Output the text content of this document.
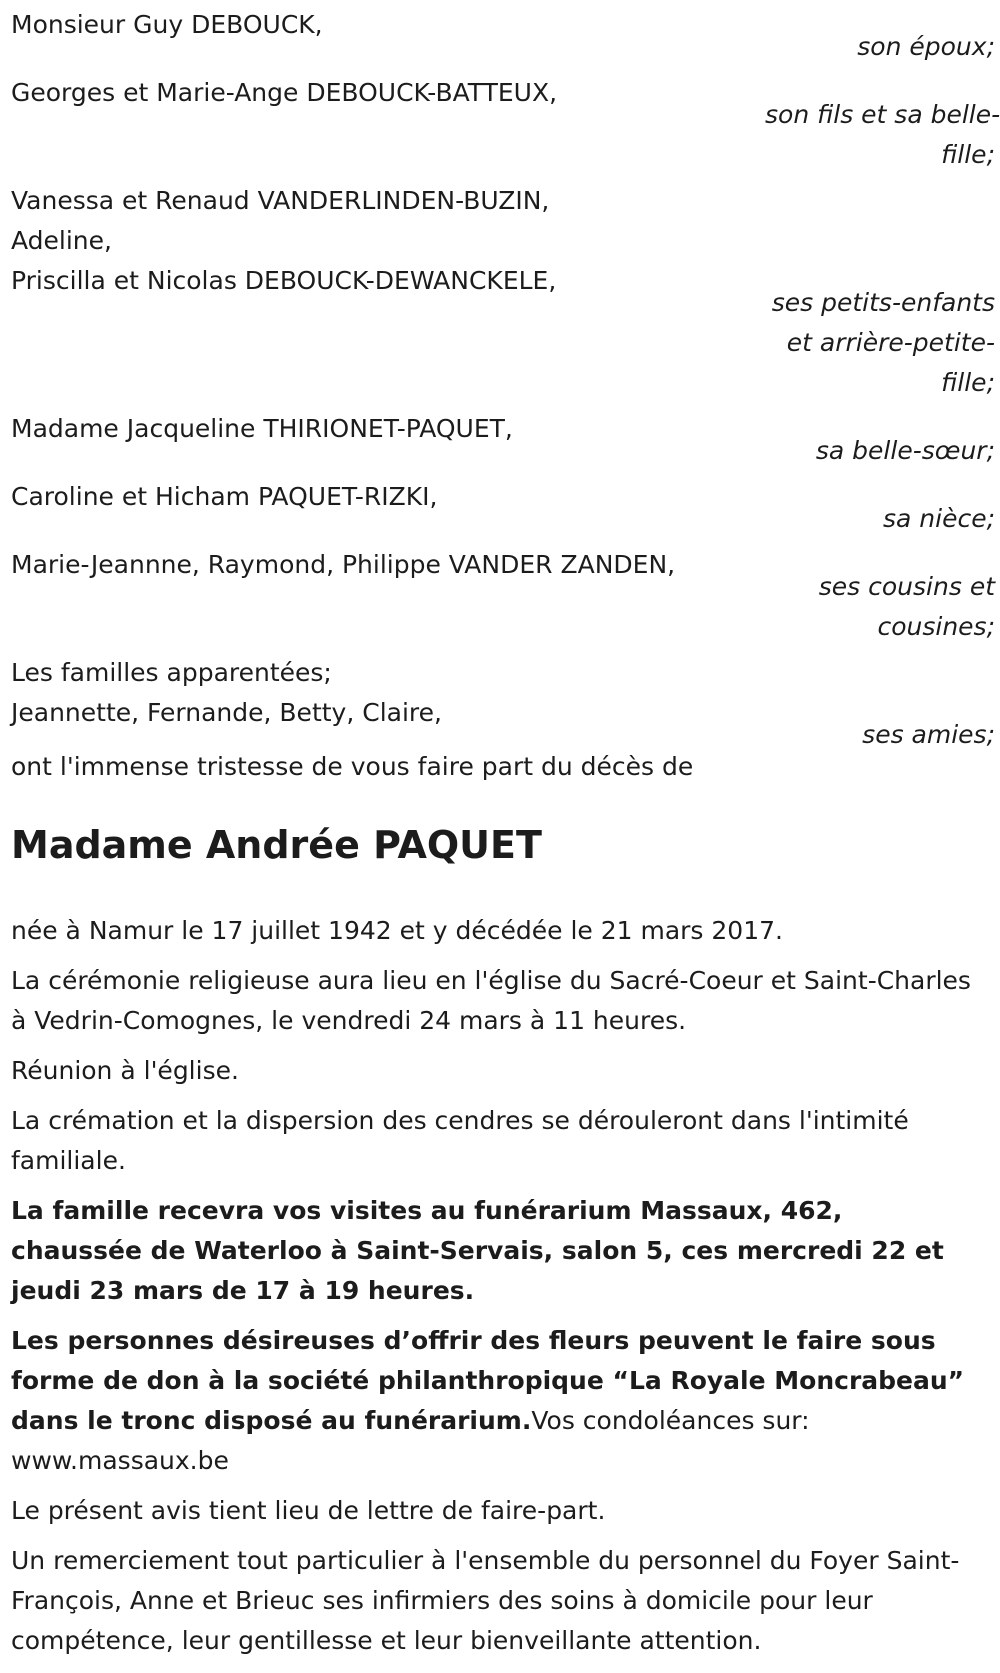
Monsieur Guy DEBOUCK,
son époux;
Georges et Marie-Ange DEBOUCK-BATTEUX,
son fils et sa belle-
fille;
Vanessa et Renaud VANDERLINDEN-BUZIN,
Adeline,
Priscilla et Nicolas DEBOUCK-DEWANCKELE,
ses petits-enfants
et arrière-petite-
fille;
Madame Jacqueline THIRIONET-PAQUET,
sa belle-sœur;
Caroline et Hicham PAQUET-RIZKI,
sa nièce;
Marie-Jeannne, Raymond, Philippe VANDER ZANDEN,
ses cousins et
cousines;
Les familles apparentées;
Jeannette, Fernande, Betty, Claire,
ses amies;
ont l'immense tristesse de vous faire part du décès de
Madame Andrée PAQUET

née à Namur le 17 juillet 1942 et y décédée le 21 mars 2017.

La cérémonie religieuse aura lieu en l'église du Sacré-Coeur et Saint-Charles à Vedrin-Comognes, le vendredi 24 mars à 11 heures.

Réunion à l'église.

La crémation et la dispersion des cendres se dérouleront dans l'intimité familiale.

La famille recevra vos visites au funérarium Massaux, 462, chaussée de Waterloo à Saint-Servais, salon 5, ces mercredi 22 et jeudi 23 mars de 17 à 19 heures.

Les personnes désireuses d’offrir des fleurs peuvent le faire sous forme de don à la société philanthropique “La Royale Moncrabeau” dans le tronc disposé au funérarium.Vos condoléances sur: www.massaux.be

Le présent avis tient lieu de lettre de faire-part.

Un remerciement tout particulier à l'ensemble du personnel du Foyer Saint-François, Anne et Brieuc ses infirmiers des soins à domicile pour leur compétence, leur gentillesse et leur bienveillante attention.
